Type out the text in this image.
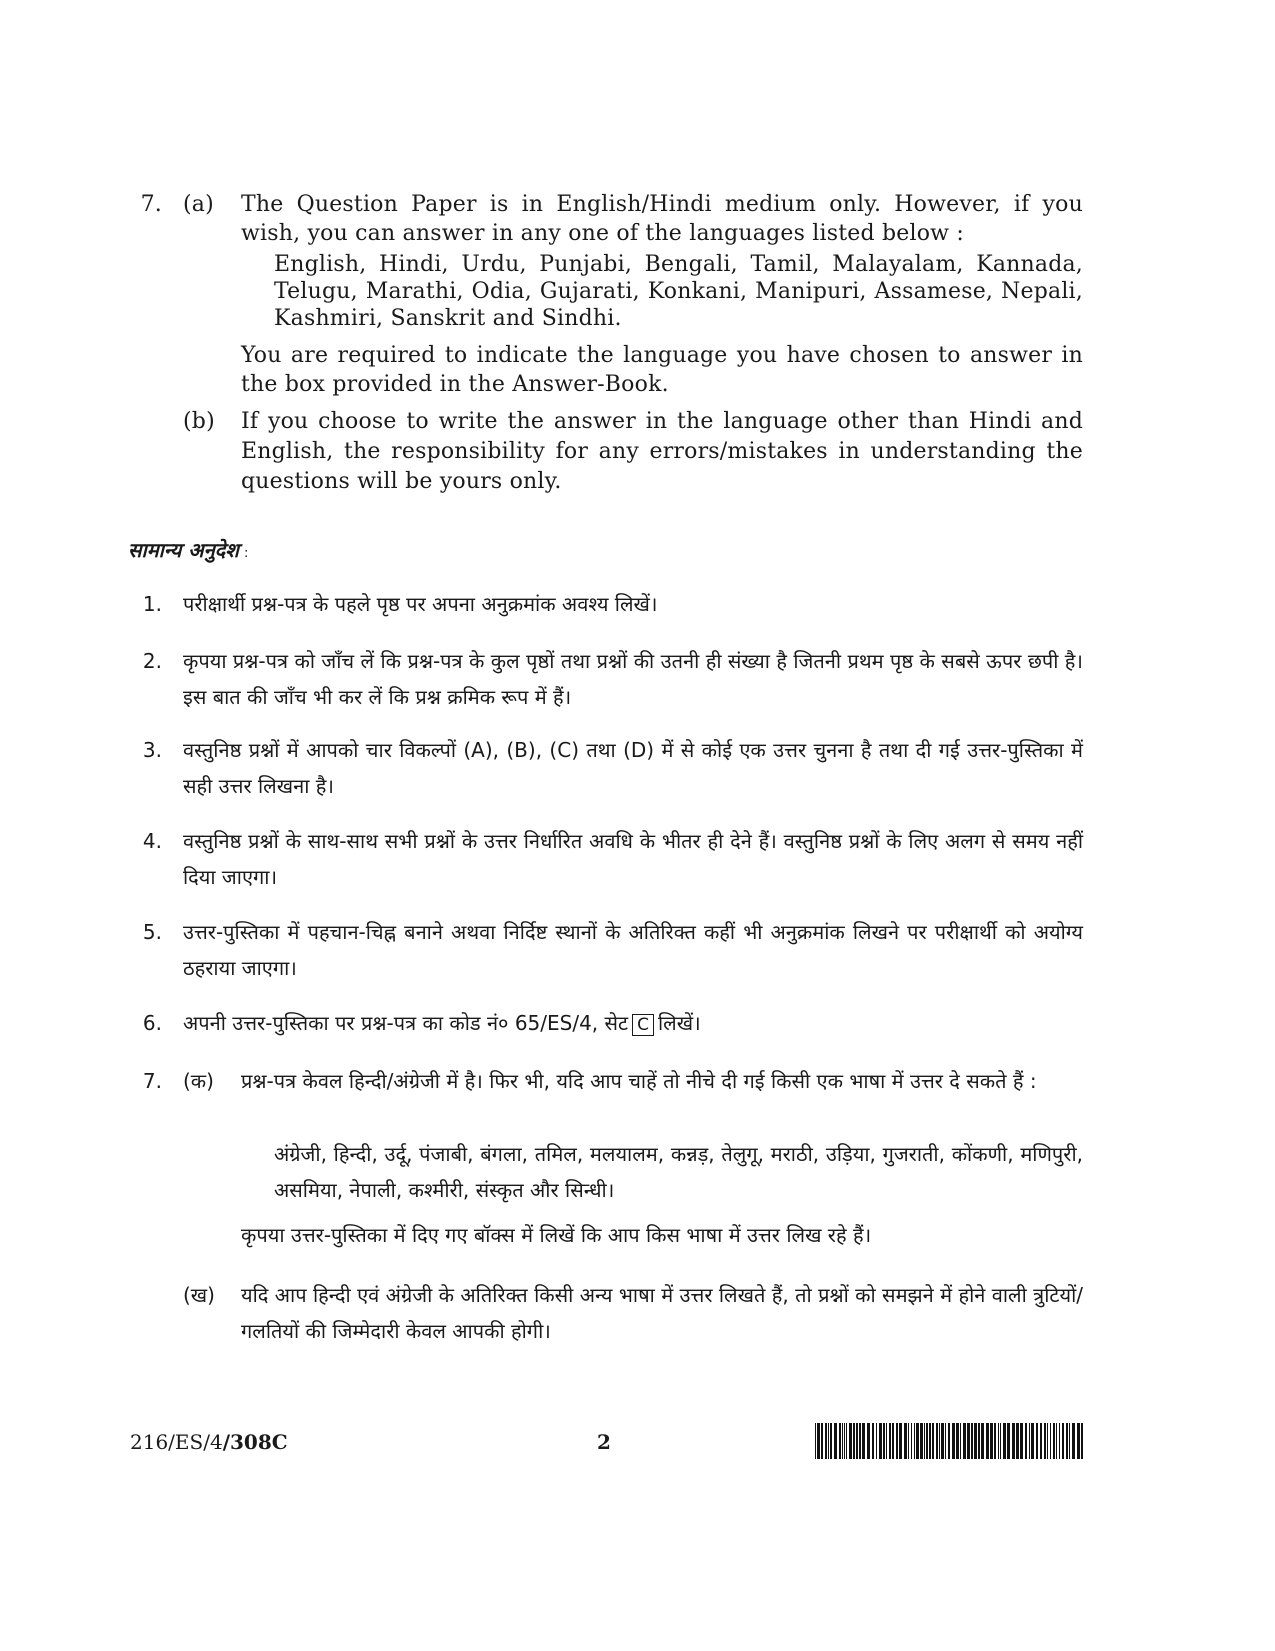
7. (a) The Question Paper is in English/Hindi medium only. However, if you wish, you can answer in any one of the languages listed below :
English, Hindi, Urdu, Punjabi, Bengali, Tamil, Malayalam, Kannada, Telugu, Marathi, Odia, Gujarati, Konkani, Manipuri, Assamese, Nepali, Kashmiri, Sanskrit and Sindhi.
You are required to indicate the language you have chosen to answer in the box provided in the Answer-Book.
(b) If you choose to write the answer in the language other than Hindi and English, the responsibility for any errors/mistakes in understanding the questions will be yours only.
सामान्य अनुदेश :
1. परीक्षार्थी प्रश्न-पत्र के पहले पृष्ठ पर अपना अनुक्रमांक अवश्य लिखें।
2. कृपया प्रश्न-पत्र को जाँच लें कि प्रश्न-पत्र के कुल पृष्ठों तथा प्रश्नों की उतनी ही संख्या है जितनी प्रथम पृष्ठ के सबसे ऊपर छपी है। इस बात की जाँच भी कर लें कि प्रश्न क्रमिक रूप में हैं।
3. वस्तुनिष्ठ प्रश्नों में आपको चार विकल्पों (A), (B), (C) तथा (D) में से कोई एक उत्तर चुनना है तथा दी गई उत्तर-पुस्तिका में सही उत्तर लिखना है।
4. वस्तुनिष्ठ प्रश्नों के साथ-साथ सभी प्रश्नों के उत्तर निर्धारित अवधि के भीतर ही देने हैं। वस्तुनिष्ठ प्रश्नों के लिए अलग से समय नहीं दिया जाएगा।
5. उत्तर-पुस्तिका में पहचान-चिह्न बनाने अथवा निर्दिष्ट स्थानों के अतिरिक्त कहीं भी अनुक्रमांक लिखने पर परीक्षार्थी को अयोग्य ठहराया जाएगा।
6. अपनी उत्तर-पुस्तिका पर प्रश्न-पत्र का कोड नं० 65/ES/4, सेट C लिखें।
7. (क) प्रश्न-पत्र केवल हिन्दी/अंग्रेजी में है। फिर भी, यदि आप चाहें तो नीचे दी गई किसी एक भाषा में उत्तर दे सकते हैं :
अंग्रेजी, हिन्दी, उर्दू, पंजाबी, बंगला, तमिल, मलयालम, कन्नड़, तेलुगू, मराठी, उड़िया, गुजराती, कोंकणी, मणिपुरी, असमिया, नेपाली, कश्मीरी, संस्कृत और सिन्धी।
कृपया उत्तर-पुस्तिका में दिए गए बॉक्स में लिखें कि आप किस भाषा में उत्तर लिख रहे हैं।
(ख) यदि आप हिन्दी एवं अंग्रेजी के अतिरिक्त किसी अन्य भाषा में उत्तर लिखते हैं, तो प्रश्नों को समझने में होने वाली त्रुटियों/गलतियों की जिम्मेदारी केवल आपकी होगी।
216/ES/4/308C	2
